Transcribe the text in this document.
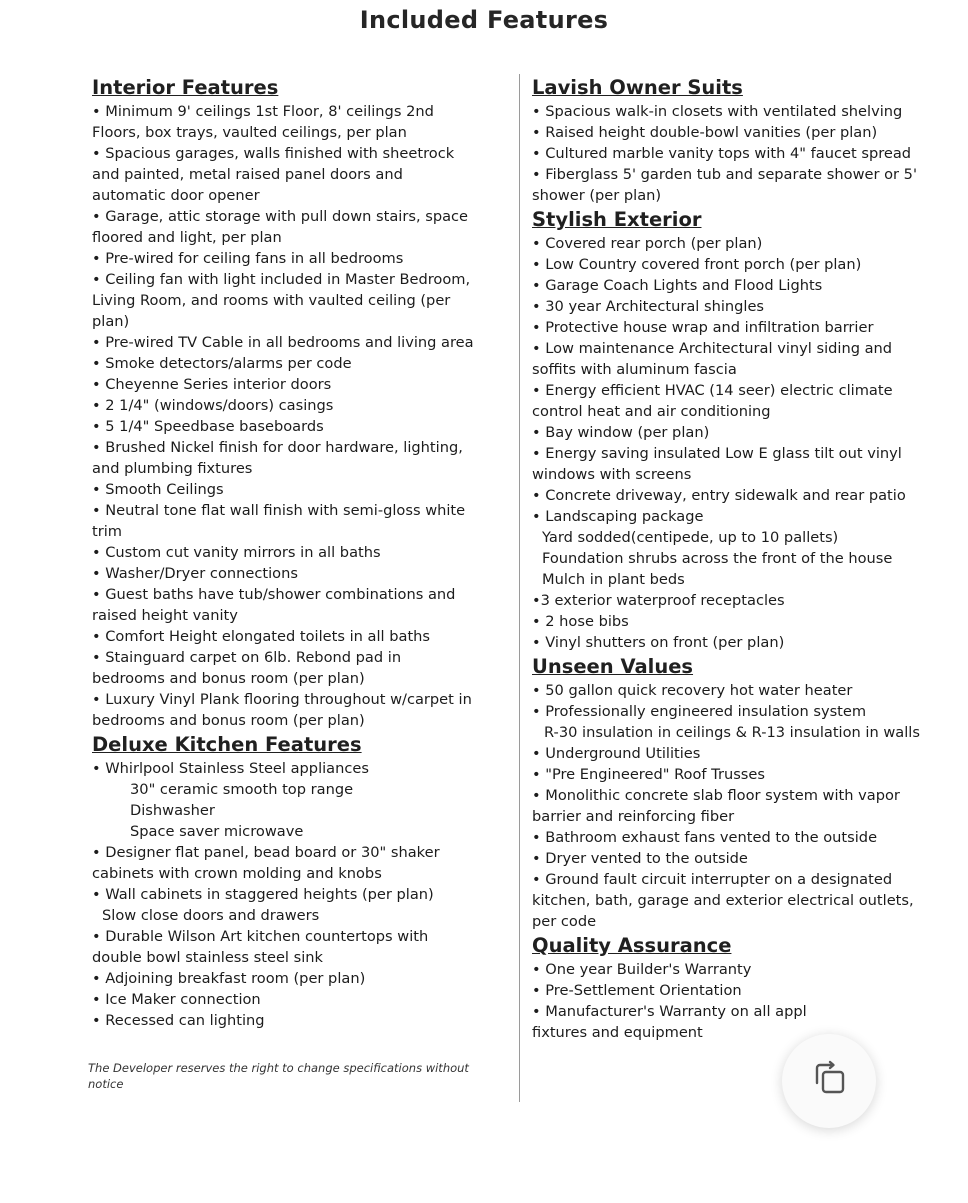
Included Features
Interior Features
• Minimum 9' ceilings 1st Floor, 8' ceilings 2nd Floors, box trays, vaulted ceilings, per plan
• Spacious garages, walls finished with sheetrock and painted, metal raised panel doors and automatic door opener
• Garage, attic storage with pull down stairs, space floored and light, per plan
• Pre-wired for ceiling fans in all bedrooms
• Ceiling fan with light included in Master Bedroom, Living Room, and rooms with vaulted ceiling (per plan)
• Pre-wired TV Cable in all bedrooms and living area
• Smoke detectors/alarms per code
• Cheyenne Series interior doors
• 2 1/4" (windows/doors) casings
• 5 1/4" Speedbase baseboards
• Brushed Nickel finish for door hardware, lighting, and plumbing fixtures
• Smooth Ceilings
• Neutral tone flat wall finish with semi-gloss white trim
• Custom cut vanity mirrors in all baths
• Washer/Dryer connections
• Guest baths have tub/shower combinations and raised height vanity
• Comfort Height elongated toilets in all baths
• Stainguard carpet on 6lb. Rebond pad in bedrooms and bonus room (per plan)
• Luxury Vinyl Plank flooring throughout w/carpet in bedrooms and bonus room (per plan)
Deluxe Kitchen Features
• Whirlpool Stainless Steel appliances
30" ceramic smooth top range
Dishwasher
Space saver microwave
• Designer flat panel, bead board or 30" shaker cabinets with crown molding and knobs
• Wall cabinets in staggered heights (per plan)
Slow close doors and drawers
• Durable Wilson Art kitchen countertops with double bowl stainless steel sink
• Adjoining breakfast room (per plan)
• Ice Maker connection
• Recessed can lighting
The Developer reserves the right to change specifications without notice
Lavish Owner Suits
• Spacious walk-in closets with ventilated shelving
• Raised height double-bowl vanities (per plan)
• Cultured marble vanity tops with 4" faucet spread
• Fiberglass 5' garden tub and separate shower or 5' shower (per plan)
Stylish Exterior
• Covered rear porch (per plan)
• Low Country covered front porch (per plan)
• Garage Coach Lights and Flood Lights
• 30 year Architectural shingles
• Protective house wrap and infiltration barrier
• Low maintenance Architectural vinyl siding and soffits with aluminum fascia
• Energy efficient HVAC (14 seer) electric climate control heat and air conditioning
• Bay window (per plan)
• Energy saving insulated Low E glass tilt out vinyl windows with screens
• Concrete driveway, entry sidewalk and rear patio
• Landscaping package
Yard sodded(centipede, up to 10 pallets)
Foundation shrubs across the front of the house
Mulch in plant beds
•3 exterior waterproof receptacles
• 2 hose bibs
• Vinyl shutters on front (per plan)
Unseen Values
• 50 gallon quick recovery hot water heater
• Professionally engineered insulation system
R-30 insulation in ceilings & R-13 insulation in walls
• Underground Utilities
• "Pre Engineered" Roof Trusses
• Monolithic concrete slab floor system with vapor barrier and reinforcing fiber
• Bathroom exhaust fans vented to the outside
• Dryer vented to the outside
• Ground fault circuit interrupter on a designated kitchen, bath, garage and exterior electrical outlets, per code
Quality Assurance
• One year Builder's Warranty
• Pre-Settlement Orientation
• Manufacturer's Warranty on all appl
fixtures and equipment
